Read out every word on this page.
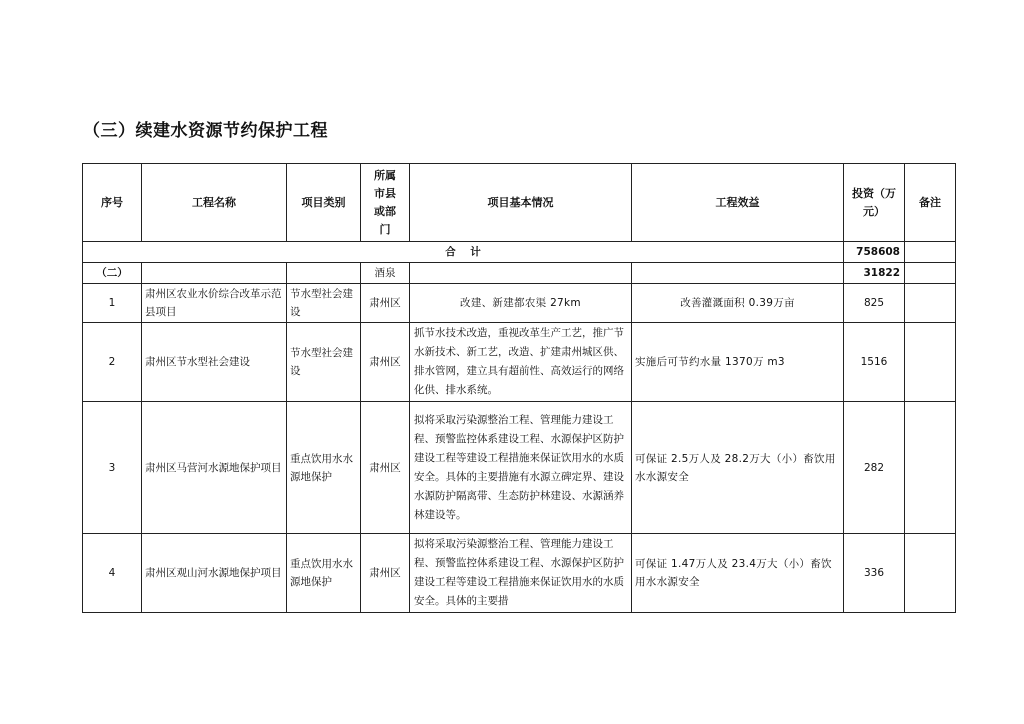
（三）续建水资源节约保护工程
序号	工程名称	项目类别	所属市县或部门	项目基本情况	工程效益	投资（万元）	备注
合    计						758608	
（二）			酒泉			31822	
1	肃州区农业水价综合改革示范县项目	节水型社会建设	肃州区	改建、新建都农渠 27km	改善灌溉面积 0.39万亩	825	
2	肃州区节水型社会建设	节水型社会建设	肃州区	抓节水技术改造，重视改革生产工艺，推广节水新技术、新工艺，改造、扩建肃州城区供、排水管网，建立具有超前性、高效运行的网络化供、排水系统。	实施后可节约水量 1370万 m3	1516	
3	肃州区马营河水源地保护项目	重点饮用水水源地保护	肃州区	拟将采取污染源整治工程、管理能力建设工程、预警监控体系建设工程、水源保护区防护建设工程等建设工程措施来保证饮用水的水质安全。具体的主要措施有水源立碑定界、建设水源防护隔离带、生态防护林建设、水源涵养林建设等。	可保证 2.5万人及 28.2万大（小）畜饮用水水源安全	282	
4	肃州区观山河水源地保护项目	重点饮用水水源地保护	肃州区	拟将采取污染源整治工程、管理能力建设工程、预警监控体系建设工程、水源保护区防护建设工程等建设工程措施来保证饮用水的水质安全。具体的主要措	可保证 1.47万人及 23.4万大（小）畜饮用水水源安全	336	
